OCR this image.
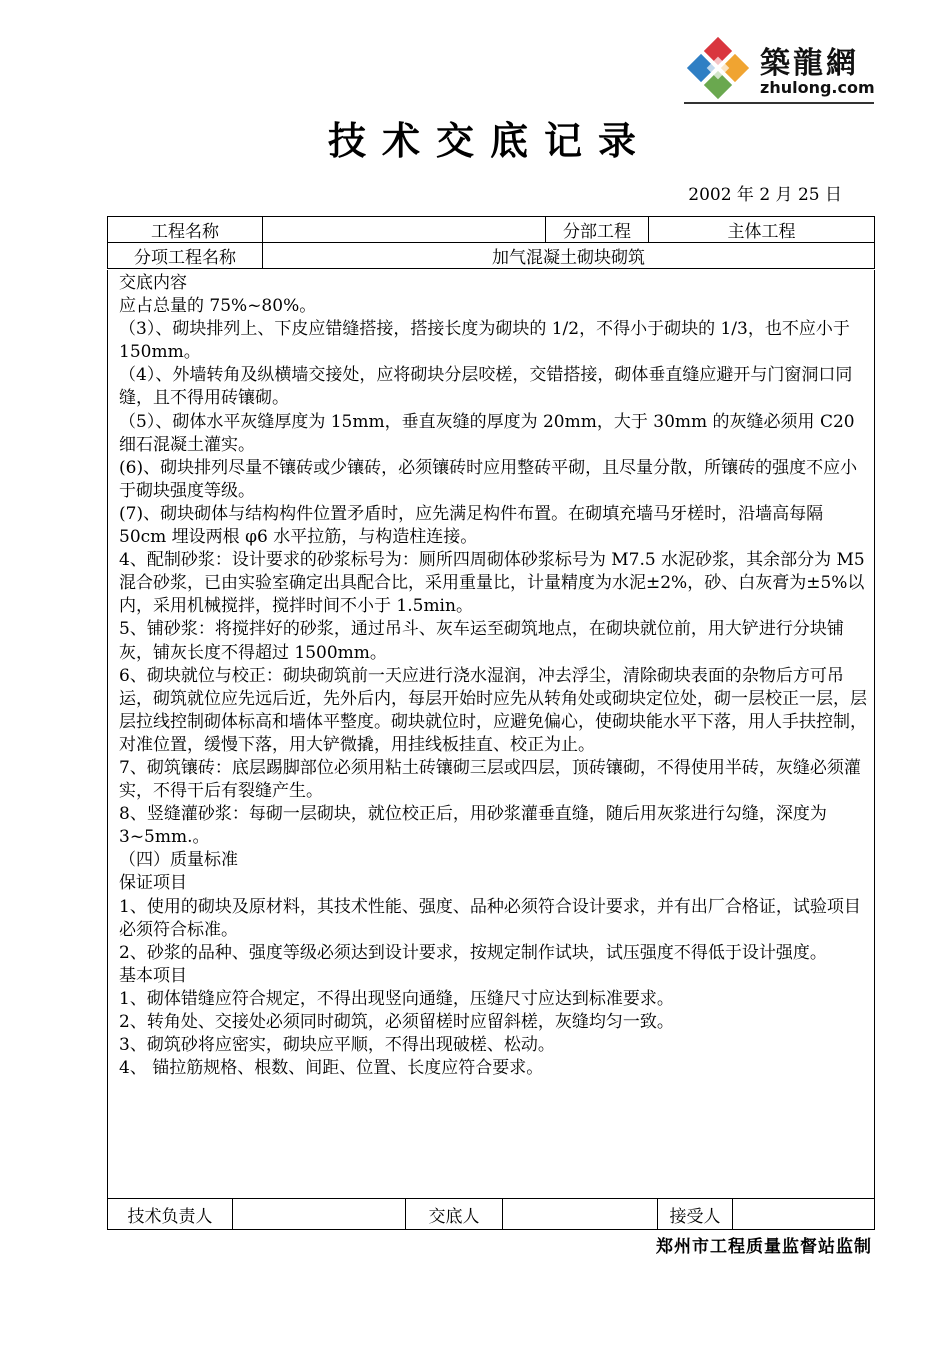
築龍網
zhulong.com
技术交底记录
2002 年 2 月 25 日
工程名称		分部工程	主体工程
分项工程名称	加气混凝土砌块砌筑		

交底内容

应占总量的 75%~80%。

（3）、砌块排列上、下皮应错缝搭接，搭接长度为砌块的 1/2，不得小于砌块的 1/3，也不应小于 150mm。

（4）、外墙转角及纵横墙交接处，应将砌块分层咬槎，交错搭接，砌体垂直缝应避开与门窗洞口同缝，且不得用砖镶砌。

（5）、砌体水平灰缝厚度为 15mm，垂直灰缝的厚度为 20mm，大于 30mm 的灰缝必须用 C20 细石混凝土灌实。

(6)、砌块排列尽量不镶砖或少镶砖，必须镶砖时应用整砖平砌，且尽量分散，所镶砖的强度不应小于砌块强度等级。

(7)、砌块砌体与结构构件位置矛盾时，应先满足构件布置。在砌填充墙马牙槎时，沿墙高每隔 50cm 埋设两根 φ6 水平拉筋，与构造柱连接。

4、配制砂浆：设计要求的砂浆标号为：厕所四周砌体砂浆标号为 M7.5 水泥砂浆，其余部分为 M5 混合砂浆，已由实验室确定出具配合比，采用重量比，计量精度为水泥±2%，砂、白灰膏为±5%以内，采用机械搅拌，搅拌时间不小于 1.5min。

5、铺砂浆：将搅拌好的砂浆，通过吊斗、灰车运至砌筑地点，在砌块就位前，用大铲进行分块铺灰，铺灰长度不得超过 1500mm。

6、砌块就位与校正：砌块砌筑前一天应进行浇水湿润，冲去浮尘，清除砌块表面的杂物后方可吊运，砌筑就位应先远后近，先外后内，每层开始时应先从转角处或砌块定位处，砌一层校正一层，层层拉线控制砌体标高和墙体平整度。砌块就位时，应避免偏心，使砌块能水平下落，用人手扶控制，对准位置，缓慢下落，用大铲微撬，用挂线板挂直、校正为止。

7、砌筑镶砖：底层踢脚部位必须用粘土砖镶砌三层或四层，顶砖镶砌，不得使用半砖，灰缝必须灌实，不得干后有裂缝产生。

8、竖缝灌砂浆：每砌一层砌块，就位校正后，用砂浆灌垂直缝，随后用灰浆进行勾缝，深度为 3~5mm.。

（四）质量标准

保证项目

1、使用的砌块及原材料，其技术性能、强度、品种必须符合设计要求，并有出厂合格证，试验项目必须符合标准。

2、砂浆的品种、强度等级必须达到设计要求，按规定制作试块，试压强度不得低于设计强度。

基本项目

1、砌体错缝应符合规定，不得出现竖向通缝，压缝尺寸应达到标准要求。

2、转角处、交接处必须同时砌筑，必须留槎时应留斜槎，灰缝均匀一致。

3、砌筑砂将应密实，砌块应平顺，不得出现破槎、松动。

4、 锚拉筋规格、根数、间距、位置、长度应符合要求。

技术负责人		交底人		接受人	
郑州市工程质量监督站监制
